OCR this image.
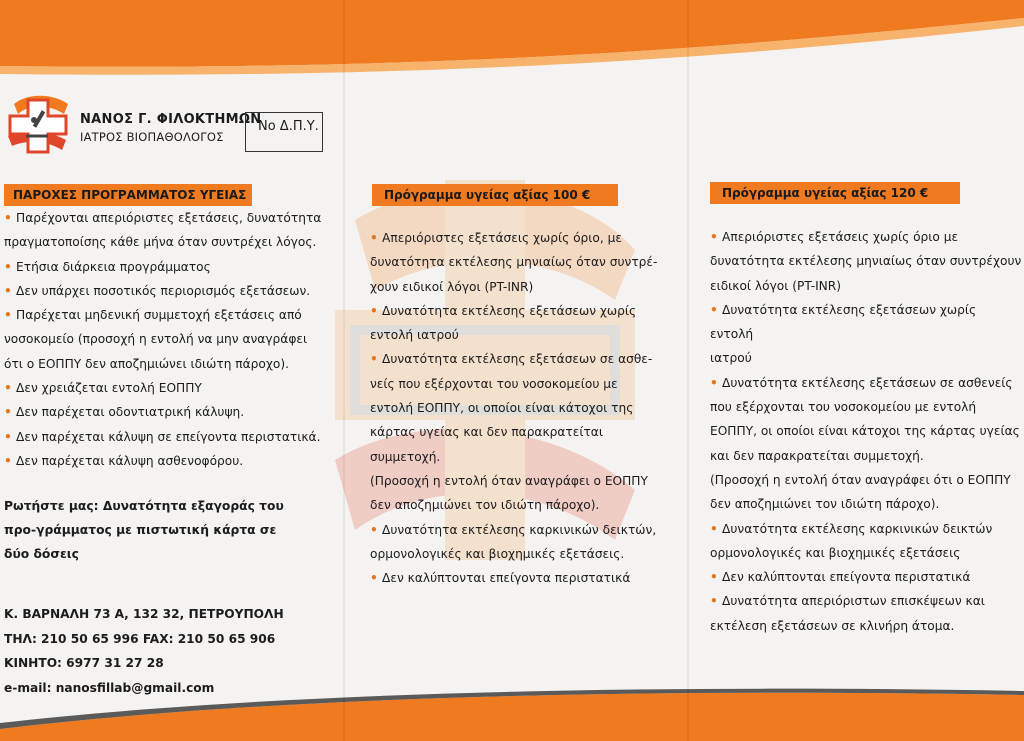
ΝΑΝΟΣ Γ. ΦΙΛΟΚΤΗΜΩΝ
ΙΑΤΡΟΣ ΒΙΟΠΑΘΟΛΟΓΟΣ
Νο Δ.Π.Υ.
ΠΑΡΟΧΕΣ ΠΡΟΓΡΑΜΜΑΤΟΣ ΥΓΕΙΑΣ
• Παρέχονται απεριόριστες εξετάσεις, δυνατότητα
πραγματοποίσης κάθε μήνα όταν συντρέχει λόγος.
• Ετήσια διάρκεια προγράμματος
• Δεν υπάρχει ποσοτικός περιορισμός εξετάσεων.
• Παρέχεται μηδενική συμμετοχή εξετάσεις από
νοσοκομείο (προσοχή η εντολή να μην αναγράφει
ότι ο ΕΟΠΠΥ δεν αποζημιώνει ιδιώτη πάροχο).
• Δεν χρειάζεται εντολή ΕΟΠΠΥ
• Δεν παρέχεται οδοντιατρική κάλυψη.
• Δεν παρέχεται κάλυψη σε επείγοντα περιστατικά.
• Δεν παρέχεται κάλυψη ασθενοφόρου.
Ρωτήστε μας: Δυνατότητα εξαγοράς του προ-γράμματος με πιστωτική κάρτα σε δύο δόσεις
Κ. ΒΑΡΝΑΛΗ 73 Α, 132 32, ΠΕΤΡΟΥΠΟΛΗ
ΤΗΛ: 210 50 65 996 FAX: 210 50 65 906
ΚΙΝΗΤΟ: 6977 31 27 28
e-mail: nanosfillab@gmail.com
Πρόγραμμα υγείας αξίας 100 €
• Απεριόριστες εξετάσεις χωρίς όριο, με
δυνατότητα εκτέλεσης μηνιαίως όταν συντρέ-
χουν ειδικοί λόγοι (PT-INR)
• Δυνατότητα εκτέλεσης εξετάσεων χωρίς
εντολή ιατρού
• Δυνατότητα εκτέλεσης εξετάσεων σε ασθε-
νείς που εξέρχονται του νοσοκομείου με
εντολή ΕΟΠΠΥ, οι οποίοι είναι κάτοχοι της
κάρτας υγείας και δεν παρακρατείται
συμμετοχή.
(Προσοχή η εντολή όταν αναγράφει ο ΕΟΠΠΥ
δεν αποζημιώνει τον ιδιώτη πάροχο).
• Δυνατότητα εκτέλεσης καρκινικών δεικτών,
ορμονολογικές και βιοχημικές εξετάσεις.
• Δεν καλύπτονται επείγοντα περιστατικά
Πρόγραμμα υγείας αξίας 120 €
• Απεριόριστες εξετάσεις χωρίς όριο με
δυνατότητα εκτέλεσης μηνιαίως όταν συντρέχουν
ειδικοί λόγοι (PT-INR)
• Δυνατότητα εκτέλεσης εξετάσεων χωρίς εντολή
ιατρού
• Δυνατότητα εκτέλεσης εξετάσεων σε ασθενείς
που εξέρχονται του νοσοκομείου με εντολή
ΕΟΠΠΥ, οι οποίοι είναι κάτοχοι της κάρτας υγείας
και δεν παρακρατείται συμμετοχή.
(Προσοχή η εντολή όταν αναγράφει ότι ο ΕΟΠΠΥ
δεν αποζημιώνει τον ιδιώτη πάροχο).
• Δυνατότητα εκτέλεσης καρκινικών δεικτών
ορμονολογικές και βιοχημικές εξετάσεις
• Δεν καλύπτονται επείγοντα περιστατικά
• Δυνατότητα απεριόριστων επισκέψεων και
εκτέλεση εξετάσεων σε κλινήρη άτομα.
